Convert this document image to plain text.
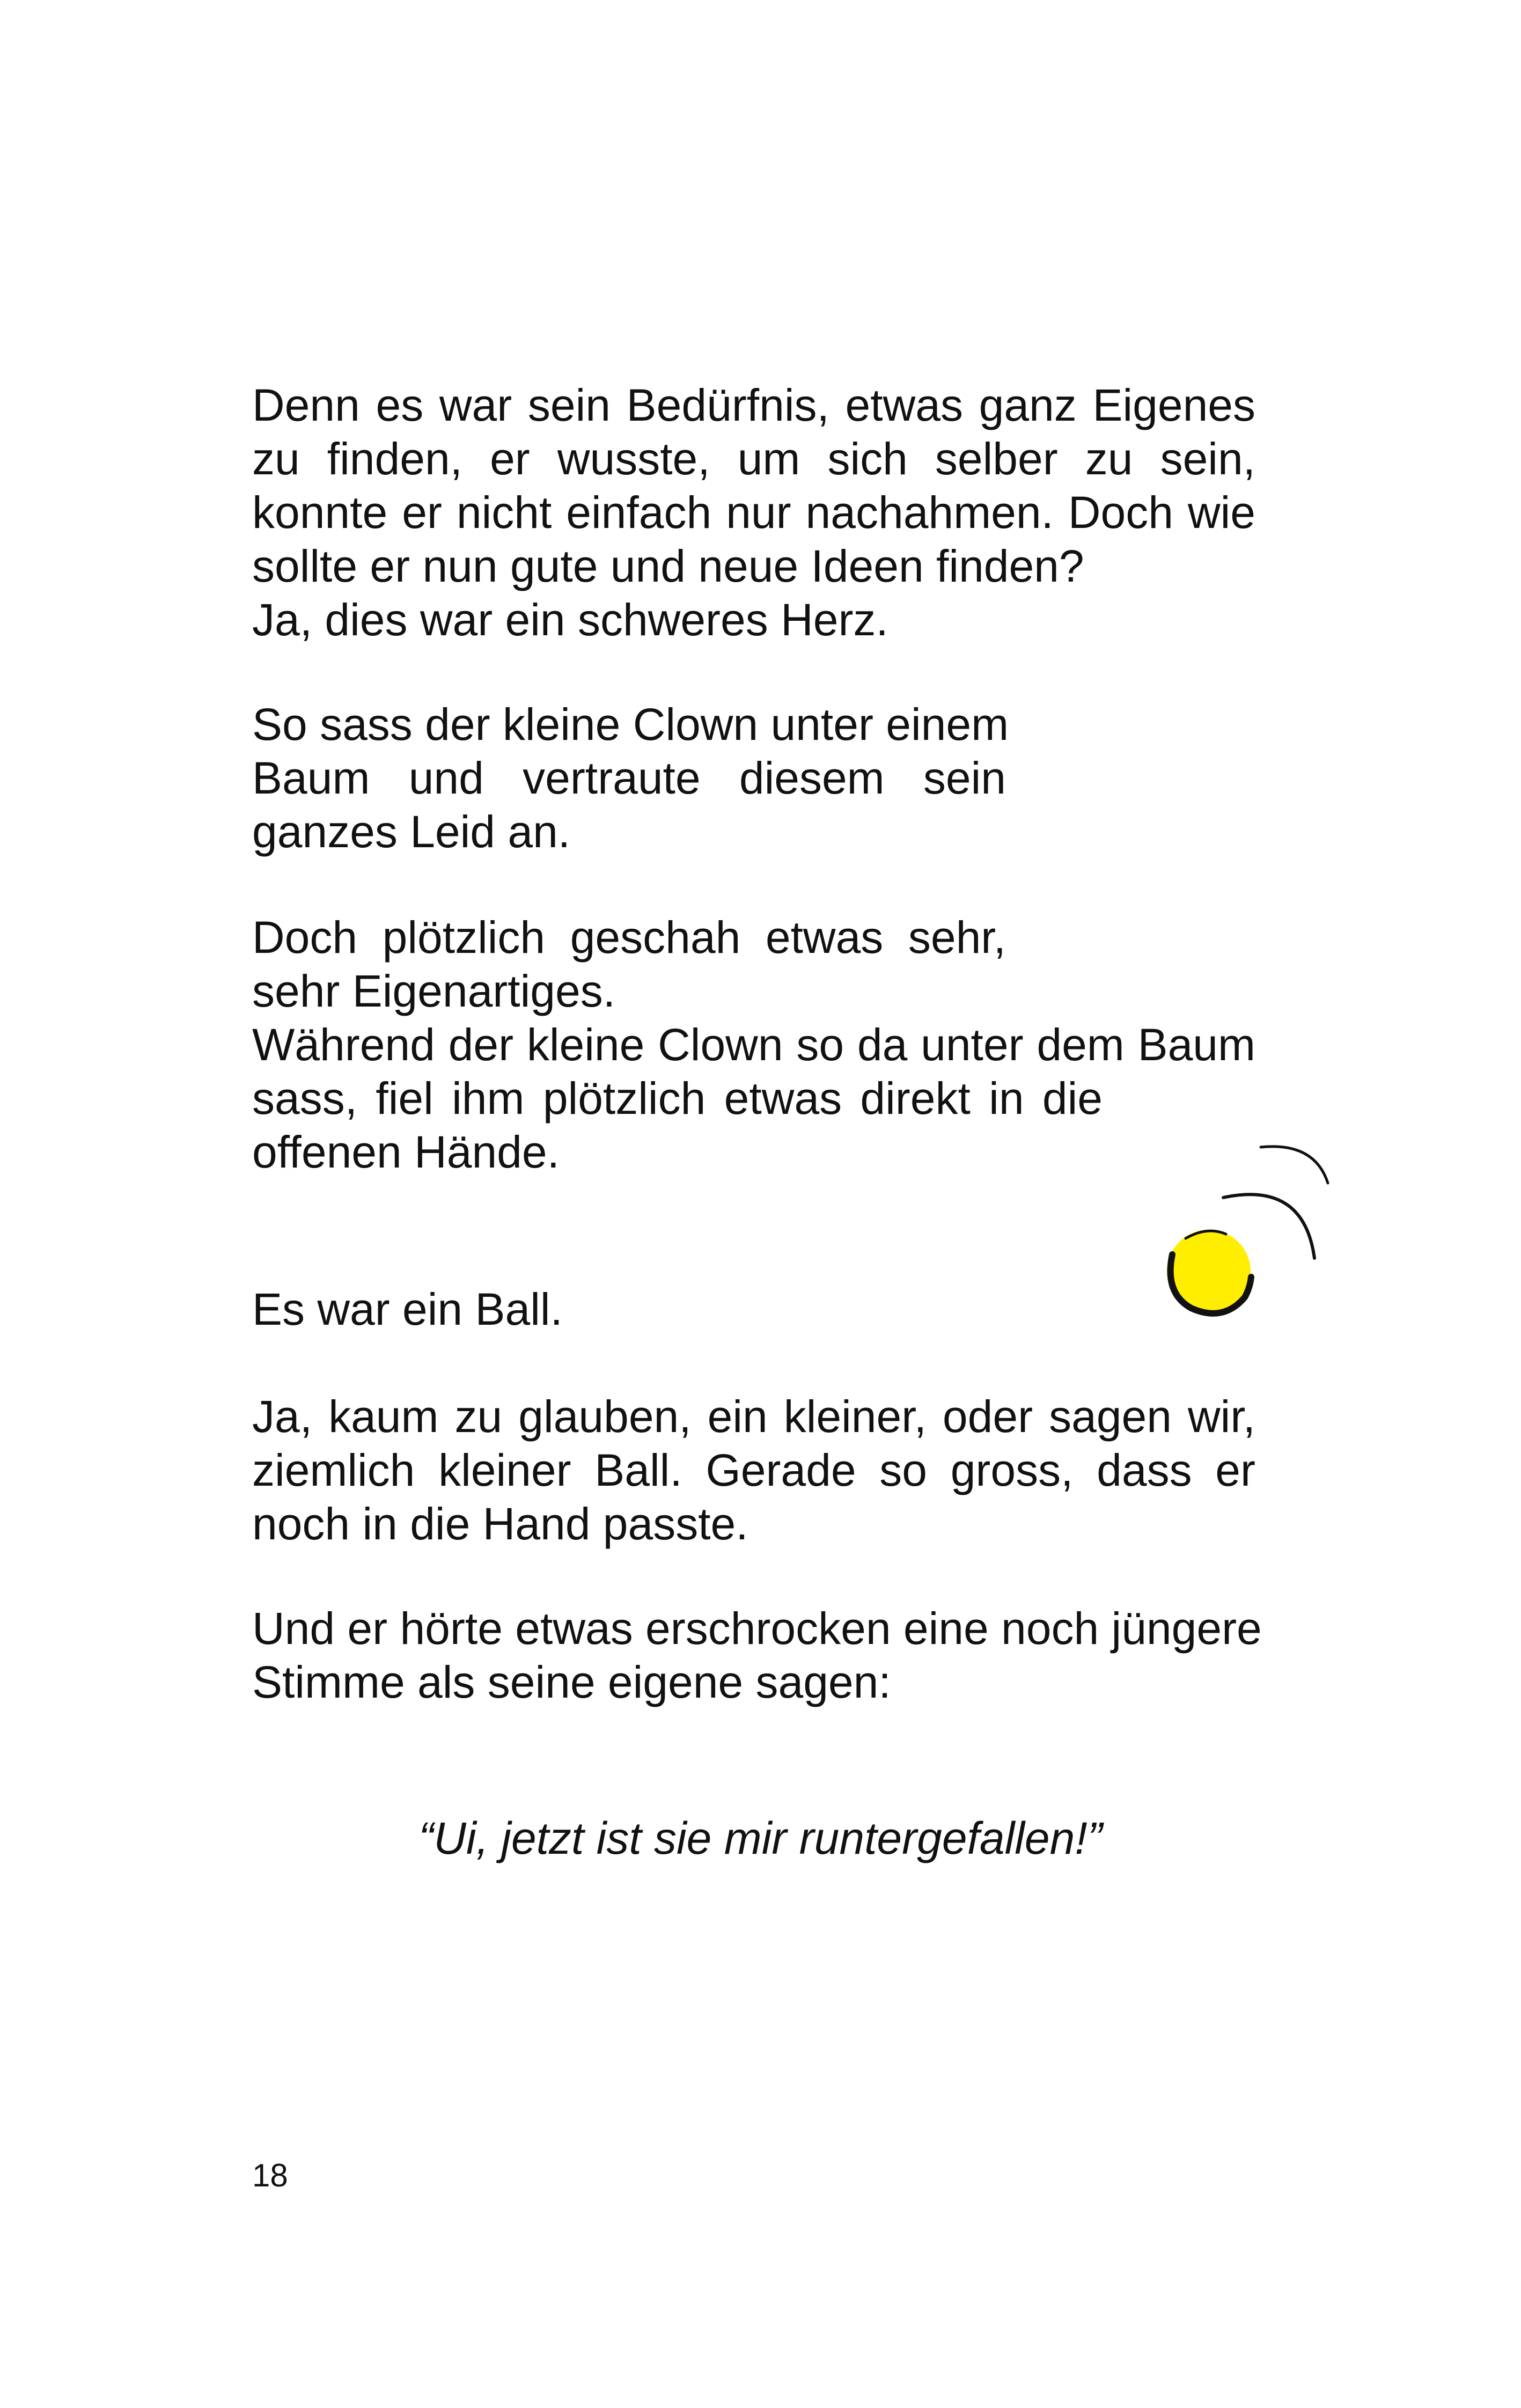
Denn es war sein Bedürfnis, etwas ganz Eigenes
zu finden, er wusste, um sich selber zu sein,
konnte er nicht einfach nur nachahmen. Doch wie
sollte er nun gute und neue Ideen finden?
Ja, dies war ein schweres Herz.

So sass der kleine Clown unter einem
Baum und vertraute diesem sein
ganzes Leid an.

Doch plötzlich geschah etwas sehr,
sehr Eigenartiges.
Während der kleine Clown so da unter dem Baum
sass, fiel ihm plötzlich etwas direkt in die
offenen Hände.

Es war ein Ball.

Ja, kaum zu glauben, ein kleiner, oder sagen wir,
ziemlich kleiner Ball. Gerade so gross, dass er
noch in die Hand passte.

Und er hörte etwas erschrocken eine noch jüngere
Stimme als seine eigene sagen:

“Ui, jetzt ist sie mir runtergefallen!”

18
